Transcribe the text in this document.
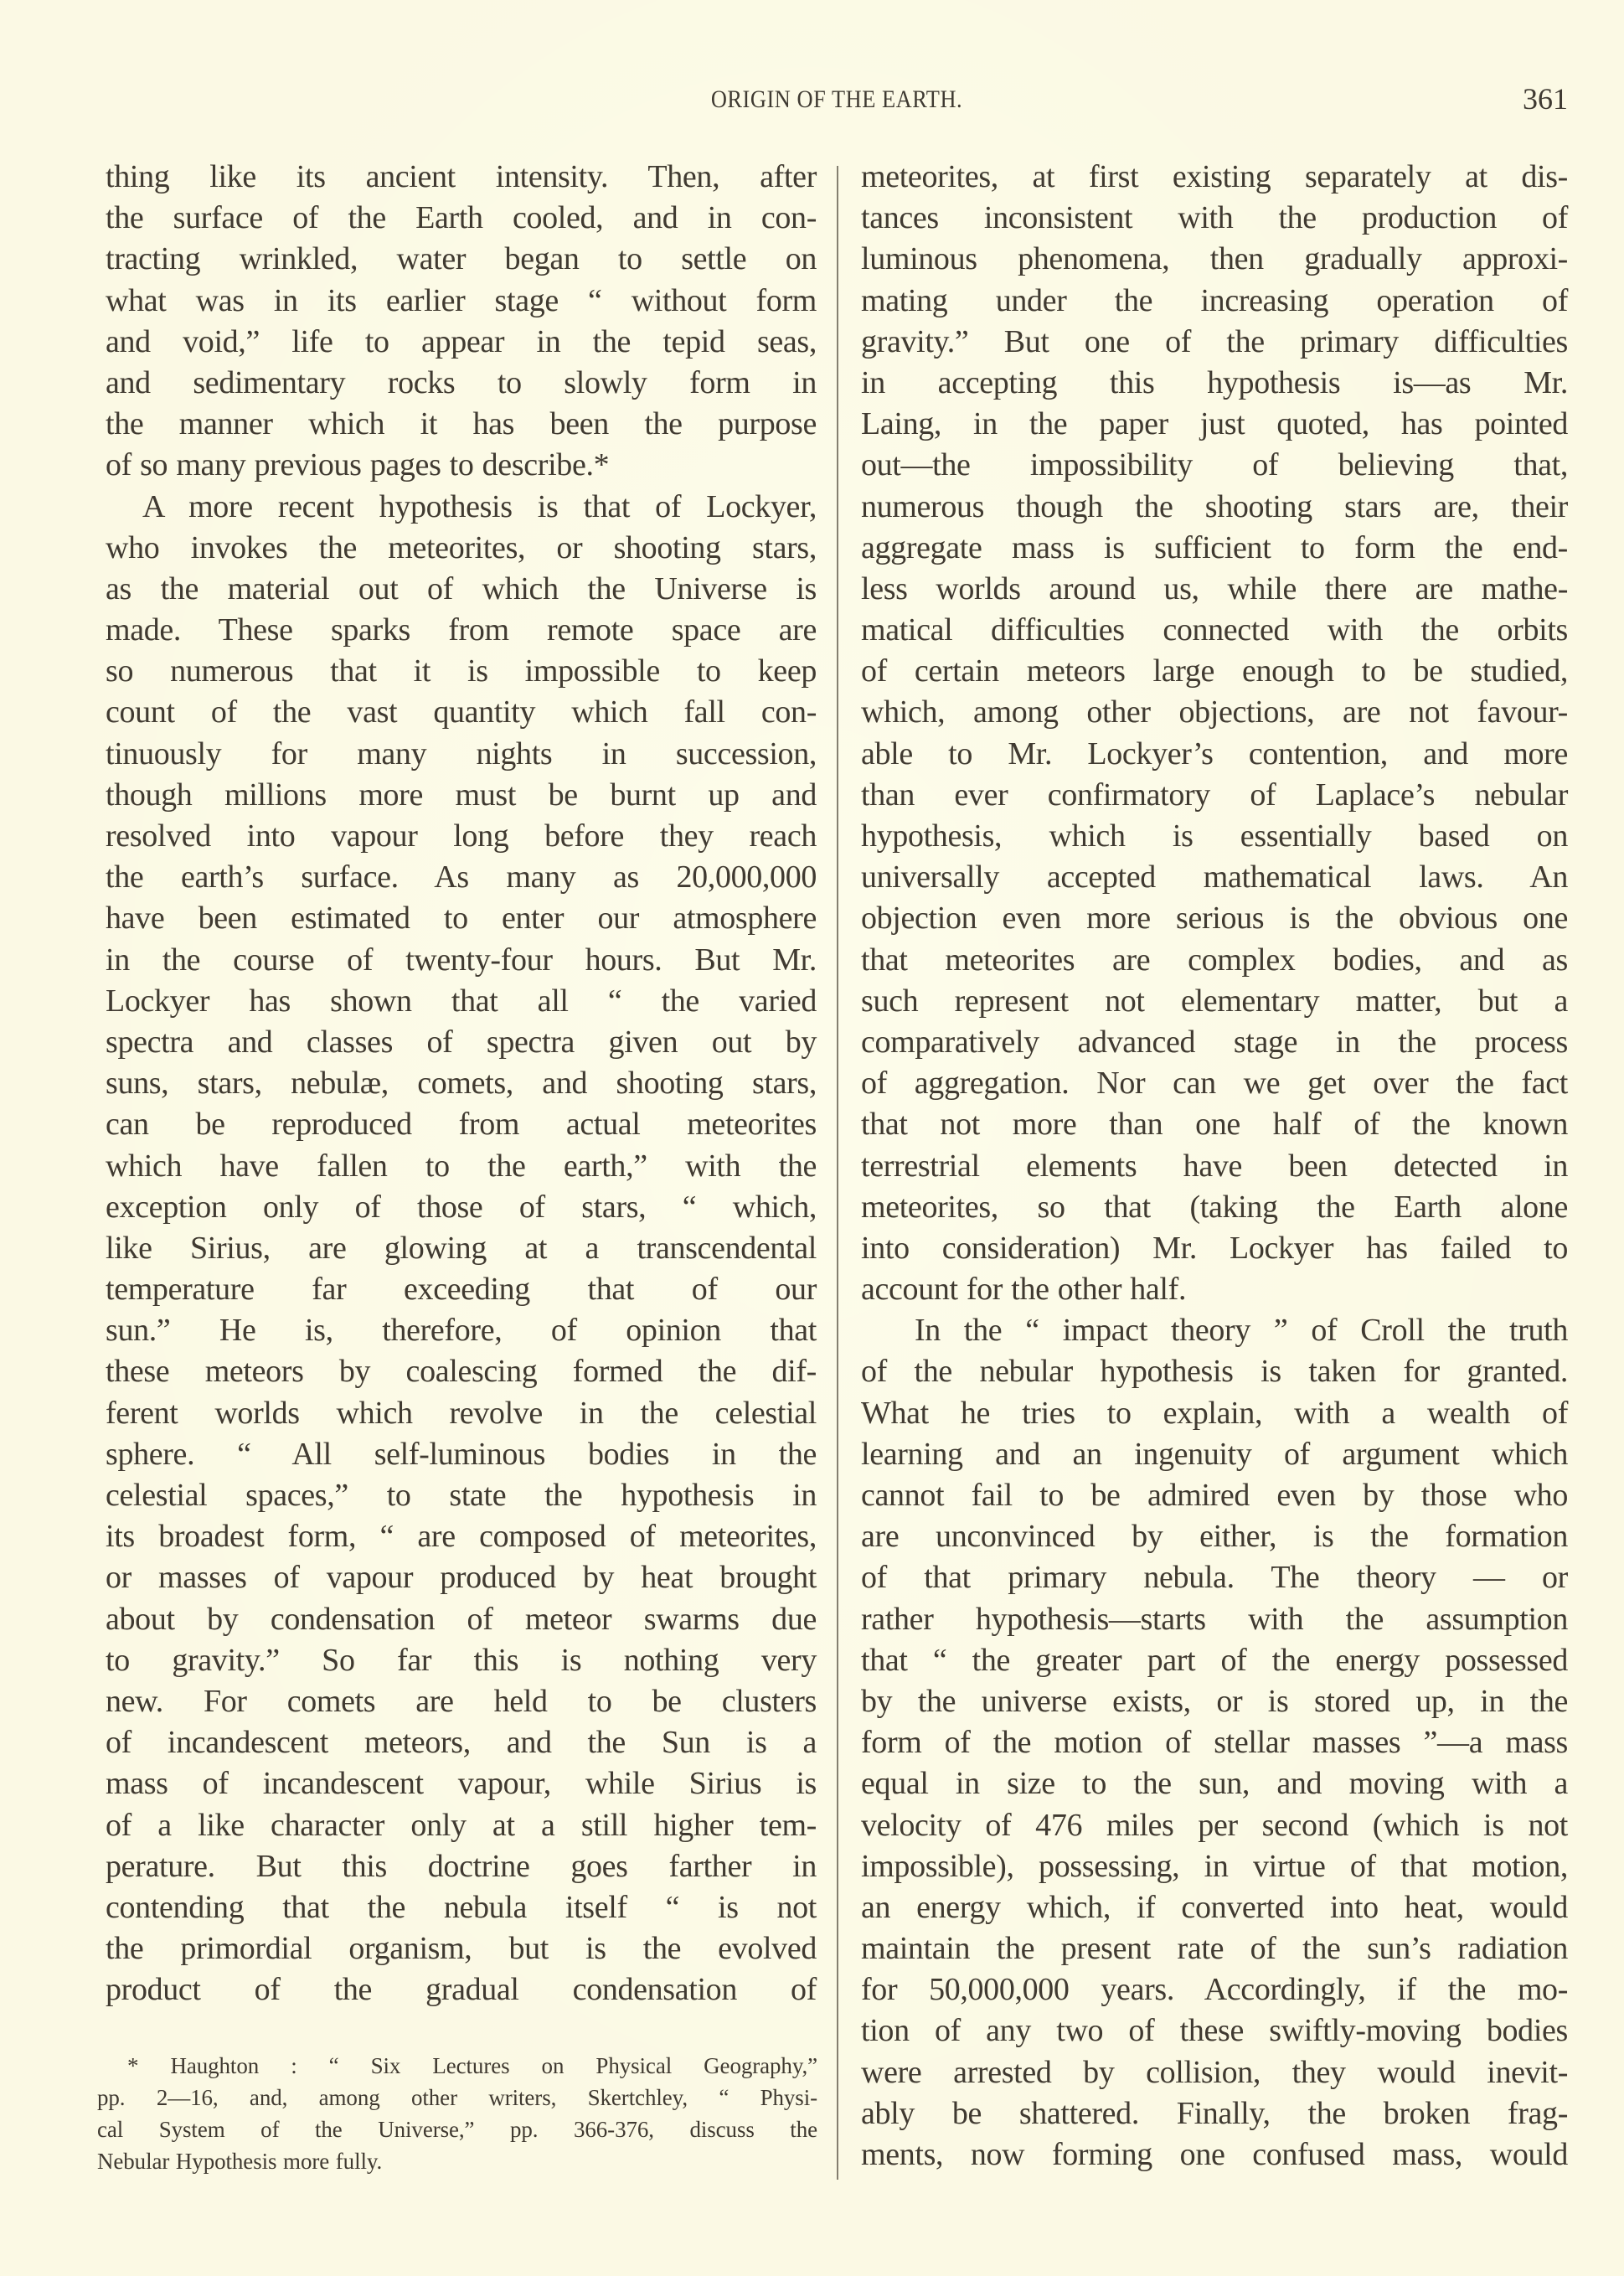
ORIGIN OF THE EARTH.	361
thing like its ancient intensity. Then, after
the surface of the Earth cooled, and in con-
tracting wrinkled, water began to settle on
what was in its earlier stage “ without form
and void,” life to appear in the tepid seas,
and sedimentary rocks to slowly form in
the manner which it has been the purpose
of so many previous pages to describe.*
A more recent hypothesis is that of Lockyer,
who invokes the meteorites, or shooting stars,
as the material out of which the Universe is
made. These sparks from remote space are
so numerous that it is impossible to keep
count of the vast quantity which fall con-
tinuously for many nights in succession,
though millions more must be burnt up and
resolved into vapour long before they reach
the earth’s surface. As many as 20,000,000
have been estimated to enter our atmosphere
in the course of twenty-four hours. But Mr.
Lockyer has shown that all “ the varied
spectra and classes of spectra given out by
suns, stars, nebulæ, comets, and shooting stars,
can be reproduced from actual meteorites
which have fallen to the earth,” with the
exception only of those of stars, “ which,
like Sirius, are glowing at a transcendental
temperature far exceeding that of our
sun.” He is, therefore, of opinion that
these meteors by coalescing formed the dif-
ferent worlds which revolve in the celestial
sphere. “ All self-luminous bodies in the
celestial spaces,” to state the hypothesis in
its broadest form, “ are composed of meteorites,
or masses of vapour produced by heat brought
about by condensation of meteor swarms due
to gravity.” So far this is nothing very
new. For comets are held to be clusters
of incandescent meteors, and the Sun is a
mass of incandescent vapour, while Sirius is
of a like character only at a still higher tem-
perature. But this doctrine goes farther in
contending that the nebula itself “ is not
the primordial organism, but is the evolved
product of the gradual condensation of
meteorites, at first existing separately at dis-
tances inconsistent with the production of
luminous phenomena, then gradually approxi-
mating under the increasing operation of
gravity.” But one of the primary difficulties
in accepting this hypothesis is—as Mr.
Laing, in the paper just quoted, has pointed
out—the impossibility of believing that,
numerous though the shooting stars are, their
aggregate mass is sufficient to form the end-
less worlds around us, while there are mathe-
matical difficulties connected with the orbits
of certain meteors large enough to be studied,
which, among other objections, are not favour-
able to Mr. Lockyer’s contention, and more
than ever confirmatory of Laplace’s nebular
hypothesis, which is essentially based on
universally accepted mathematical laws. An
objection even more serious is the obvious one
that meteorites are complex bodies, and as
such represent not elementary matter, but a
comparatively advanced stage in the process
of aggregation. Nor can we get over the fact
that not more than one half of the known
terrestrial elements have been detected in
meteorites, so that (taking the Earth alone
into consideration) Mr. Lockyer has failed to
account for the other half.
In the “ impact theory ” of Croll the truth
of the nebular hypothesis is taken for granted.
What he tries to explain, with a wealth of
learning and an ingenuity of argument which
cannot fail to be admired even by those who
are unconvinced by either, is the formation
of that primary nebula. The theory — or
rather hypothesis—starts with the assumption
that “ the greater part of the energy possessed
by the universe exists, or is stored up, in the
form of the motion of stellar masses ”—a mass
equal in size to the sun, and moving with a
velocity of 476 miles per second (which is not
impossible), possessing, in virtue of that motion,
an energy which, if converted into heat, would
maintain the present rate of the sun’s radiation
for 50,000,000 years. Accordingly, if the mo-
tion of any two of these swiftly-moving bodies
were arrested by collision, they would inevit-
ably be shattered. Finally, the broken frag-
ments, now forming one confused mass, would
* Haughton : “ Six Lectures on Physical Geography,”
pp. 2—16, and, among other writers, Skertchley, “ Physi-
cal System of the Universe,” pp. 366-376, discuss the
Nebular Hypothesis more fully.
